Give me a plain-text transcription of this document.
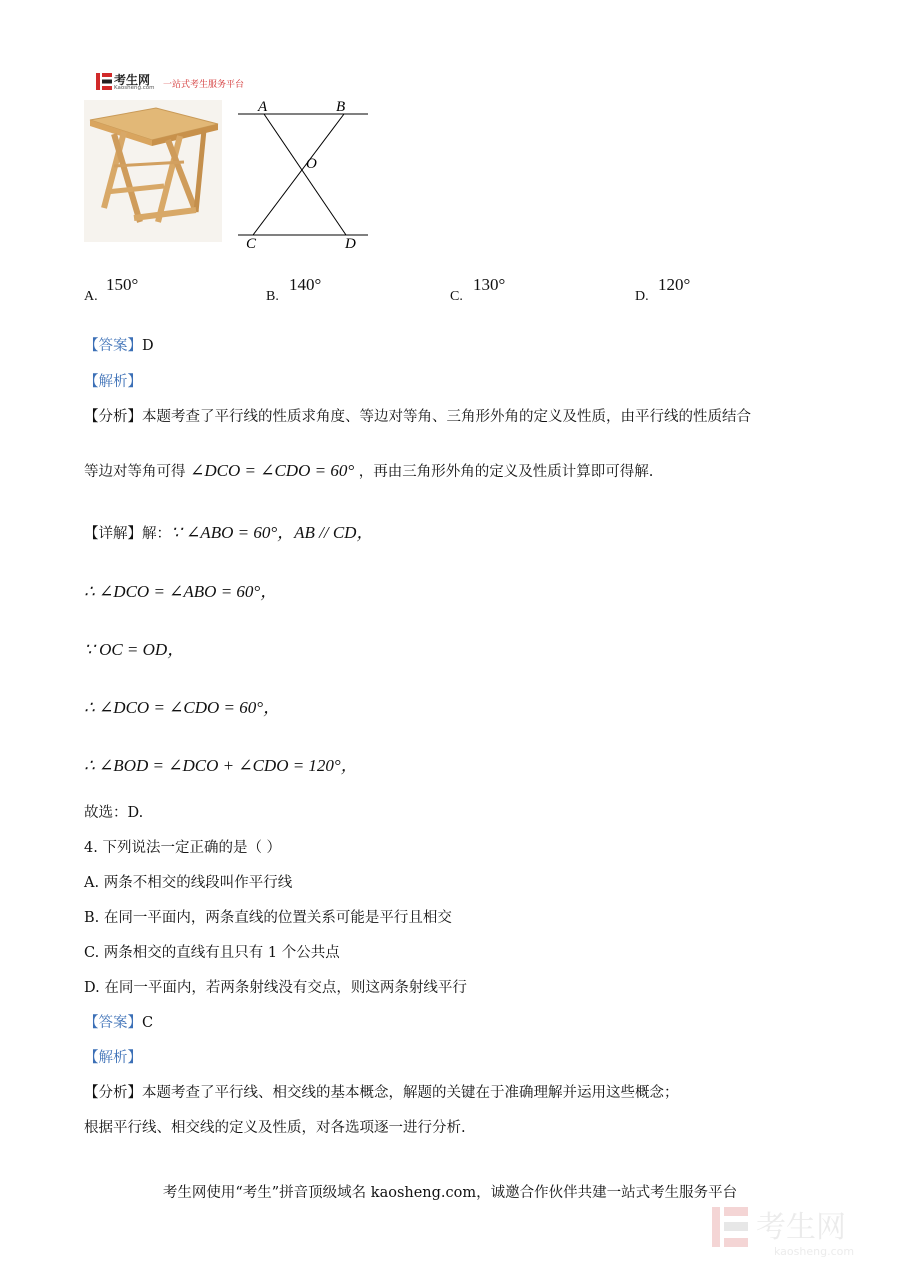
考生网
Kaosheng.com 一站式考生服务平台
A	B
O
C	D
A.
150°
B.
140°
C.
130°
D.
120°
【答案】D
【解析】
【分析】本题考查了平行线的性质求角度、等边对等角、三角形外角的定义及性质，由平行线的性质结合
等边对等角可得 ∠DCO = ∠CDO = 60° ，再由三角形外角的定义及性质计算即可得解.
【详解】解：∵ ∠ABO = 60°，AB // CD，
∴ ∠DCO = ∠ABO = 60°，
∵ OC = OD，
∴ ∠DCO = ∠CDO = 60°，
∴ ∠BOD = ∠DCO + ∠CDO = 120°，
故选：D.
4. 下列说法一定正确的是（ ）
A. 两条不相交的线段叫作平行线
B. 在同一平面内，两条直线的位置关系可能是平行且相交
C. 两条相交的直线有且只有 1 个公共点
D. 在同一平面内，若两条射线没有交点，则这两条射线平行
【答案】C
【解析】
【分析】本题考查了平行线、相交线的基本概念，解题的关键在于准确理解并运用这些概念；
根据平行线、相交线的定义及性质，对各选项逐一进行分析.
考生网使用“考生”拼音顶级域名 kaosheng.com，诚邀合作伙伴共建一站式考生服务平台
考生网
kaosheng.com
